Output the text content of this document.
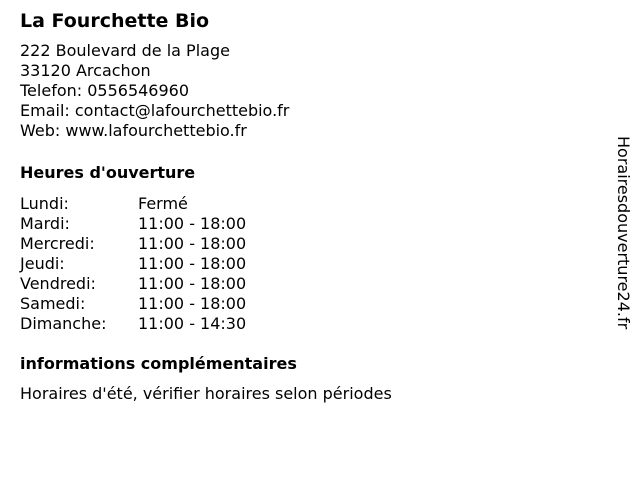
La Fourchette Bio
222 Boulevard de la Plage
33120 Arcachon
Telefon: 0556546960
Email: contact@lafourchettebio.fr
Web: www.lafourchettebio.fr
Heures d'ouverture
Lundi:	Fermé
Mardi:	11:00 - 18:00
Mercredi:	11:00 - 18:00
Jeudi:	11:00 - 18:00
Vendredi:	11:00 - 18:00
Samedi:	11:00 - 18:00
Dimanche:	11:00 - 14:30
informations complémentaires
Horaires d'été, vérifier horaires selon périodes
Horairesdouverture24.fr
